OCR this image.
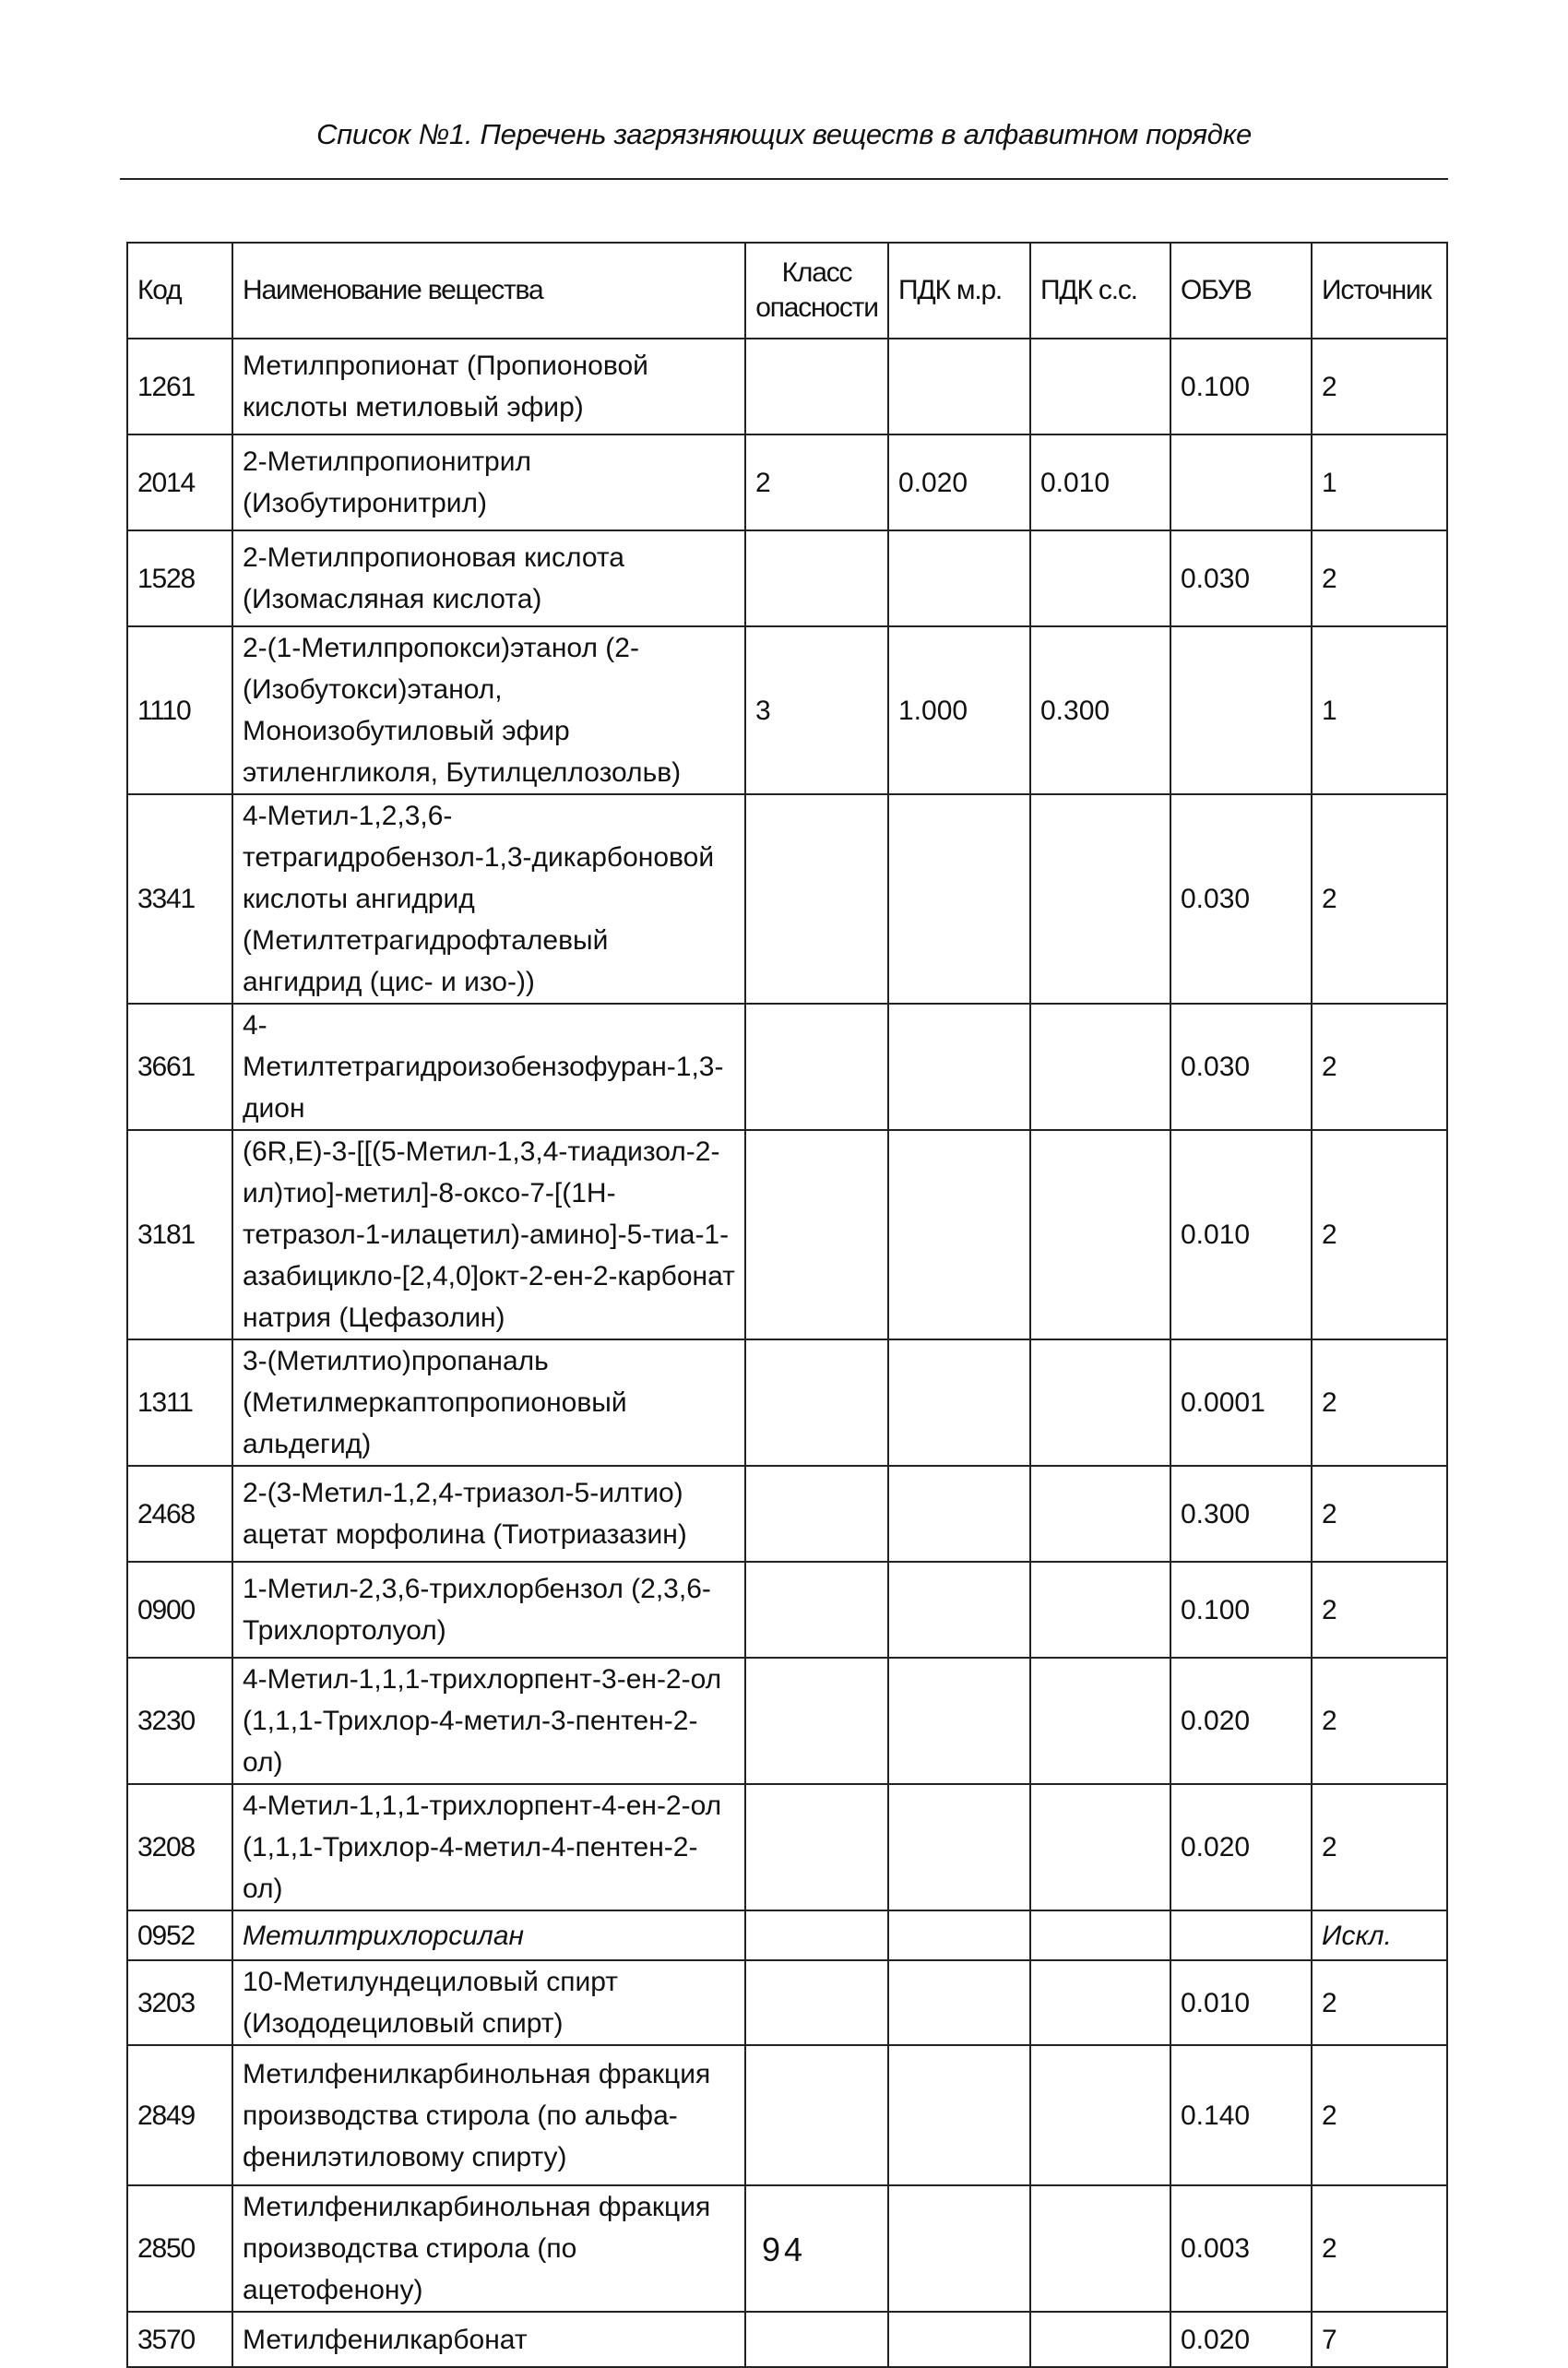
Список №1. Перечень загрязняющих веществ в алфавитном порядке
Код	Наименование вещества	Класс опасности	ПДК м.р.	ПДК с.с.	ОБУВ	Источник
1261	Метилпропионат (Пропионовой кислоты метиловый эфир)				0.100	2
2014	2-Метилпропионитрил (Изобутиронитрил)	2	0.020	0.010		1
1528	2-Метилпропионовая кислота (Изомасляная кислота)				0.030	2
1110	2-(1-Метилпропокси)этанол (2-(Изобутокси)этанол, Моноизобутиловый эфир этиленгликоля, Бутилцеллозольв)	3	1.000	0.300		1
3341	4-Метил-1,2,3,6-тетрагидробензол-1,3-дикарбоновой кислоты ангидрид (Метилтетрагидрофталевый ангидрид (цис- и изо-))				0.030	2
3661	4-Метилтетрагидроизобензофуран-1,3-дион				0.030	2
3181	(6R,E)-3-[[(5-Метил-1,3,4-тиадизол-2-ил)тио]-метил]-8-оксо-7-[(1Н-тетразол-1-илацетил)-амино]-5-тиа-1-азабицикло-[2,4,0]окт-2-ен-2-карбонат натрия (Цефазолин)				0.010	2
1311	3-(Метилтио)пропаналь (Метилмеркаптопропионовый альдегид)				0.0001	2
2468	2-(3-Метил-1,2,4-триазол-5-илтио) ацетат морфолина (Тиотриазазин)				0.300	2
0900	1-Метил-2,3,6-трихлорбензол (2,3,6-Трихлортолуол)				0.100	2
3230	4-Метил-1,1,1-трихлорпент-3-ен-2-ол (1,1,1-Трихлор-4-метил-3-пентен-2-ол)				0.020	2
3208	4-Метил-1,1,1-трихлорпент-4-ен-2-ол (1,1,1-Трихлор-4-метил-4-пентен-2-ол)				0.020	2
0952	Метилтрихлорсилан					Искл.
3203	10-Метилундециловый спирт (Изододециловый спирт)				0.010	2
2849	Метилфенилкарбинольная фракция производства стирола (по альфа-фенилэтиловому спирту)				0.140	2
2850	Метилфенилкарбинольная фракция производства стирола (по ацетофенону)				0.003	2
3570	Метилфенилкарбонат				0.020	7
94
